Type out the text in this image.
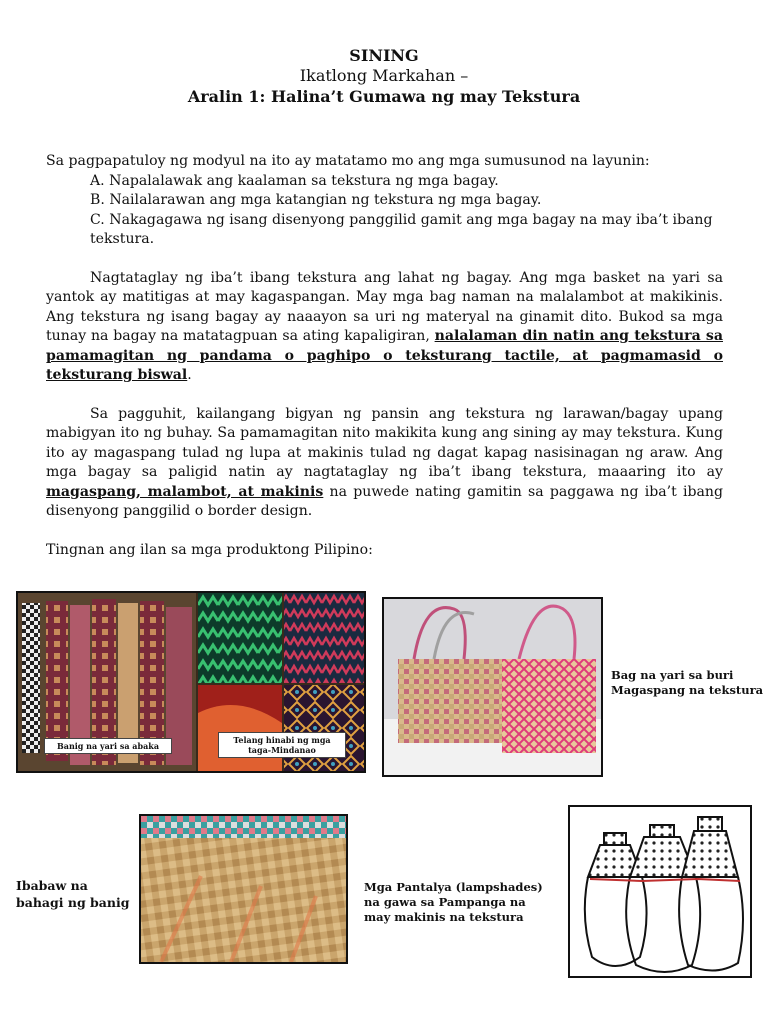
SINING
Ikatlong Markahan –
Aralin 1: Halina’t Gumawa ng may Tekstura

Sa pagpapatuloy ng modyul na ito ay matatamo mo ang mga sumusunod na layunin:

A. Napalalawak ang kaalaman sa tekstura ng mga bagay.

B. Nailalarawan ang mga katangian ng tekstura ng mga bagay.

C. Nakagagawa ng isang disenyong panggilid gamit ang mga bagay na may iba’t ibang tekstura.

Nagtataglay ng iba’t ibang tekstura ang lahat ng bagay. Ang mga basket na yari sa yantok ay matitigas at may kagaspangan. May mga bag naman na malalambot at makikinis. Ang tekstura ng isang bagay ay naaayon sa uri ng materyal na ginamit dito. Bukod sa mga tunay na bagay na matatagpuan sa ating kapaligiran, nalalaman din natin ang tekstura sa pamamagitan ng pandama o paghipo o teksturang tactile, at pagmamasid o teksturang biswal.

Sa pagguhit, kailangang bigyan ng pansin ang tekstura ng larawan/bagay upang mabigyan ito ng buhay. Sa pamamagitan nito makikita kung ang sining ay may tekstura. Kung ito ay magaspang tulad ng lupa at makinis tulad ng dagat kapag nasisinagan ng araw. Ang mga bagay sa paligid natin ay nagtataglay ng iba’t ibang tekstura, maaaring ito ay magaspang, malambot, at makinis na puwede nating gamitin sa paggawa ng iba’t ibang disenyong panggilid o border design.

Tingnan ang ilan sa mga produktong Pilipino:

Banig na yari sa abaka
Telang hinabi ng mga taga-Mindanao
Bag na yari sa buri
Magaspang na tekstura
Ibabaw na
bahagi ng banig
Mga Pantalya (lampshades)
na gawa sa Pampanga na
may makinis na tekstura
